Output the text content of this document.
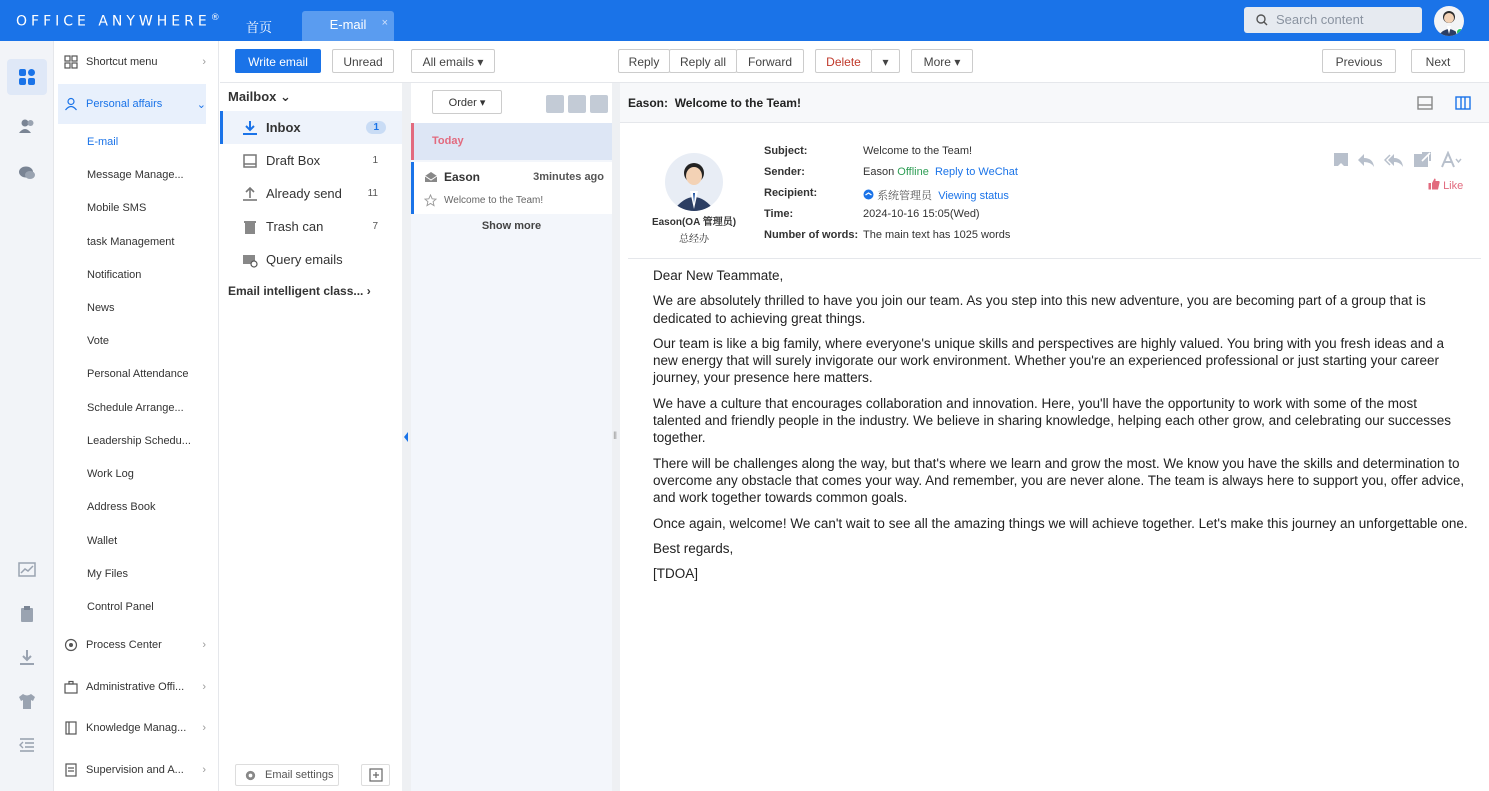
OFFICE ANYWHERE®
首页	E-mail ×	Search content
Shortcut menu	›
Personal affairs	⌄
E-mail
Message Manage...
Mobile SMS
task Management
Notification
News
Vote
Personal Attendance
Schedule Arrange...
Leadership Schedu...
Work Log
Address Book
Wallet
My Files
Control Panel
Process Center	›
Administrative Offi... ›
Knowledge Manag... ›
Supervision and A... ›
Write email	Unread	All emails ▾	Reply	Reply all	Forward	Delete	▾	More ▾	Previous	Next
Mailbox ⌄
Inbox	1
Draft Box	1
Already send	11
Trash can	7
Query emails
Email intelligent class... ›
Email settings
Order ▾
Today
Eason	3minutes ago
Welcome to the Team!
Show more
‖
Eason:  Welcome to the Team!
Eason(OA 管理员)
总经办
Subject:	Welcome to the Team!
Sender:	Eason Offline Reply to WeChat
Recipient:	系统管理员 Viewing status
Time:	2024-10-16 15:05(Wed)
Number of words: The main text has 1025 words
Like

Dear New Teammate,

We are absolutely thrilled to have you join our team. As you step into this new adventure, you are becoming part of a group that is dedicated to achieving great things.

Our team is like a big family, where everyone's unique skills and perspectives are highly valued. You bring with you fresh ideas and a new energy that will surely invigorate our work environment. Whether you're an experienced professional or just starting your career journey, your presence here matters.

We have a culture that encourages collaboration and innovation. Here, you'll have the opportunity to work with some of the most talented and friendly people in the industry. We believe in sharing knowledge, helping each other grow, and celebrating our successes together.

There will be challenges along the way, but that's where we learn and grow the most. We know you have the skills and determination to overcome any obstacle that comes your way. And remember, you are never alone. The team is always here to support you, offer advice, and work together towards common goals.

Once again, welcome! We can't wait to see all the amazing things we will achieve together. Let's make this journey an unforgettable one.

Best regards,

[TDOA]
